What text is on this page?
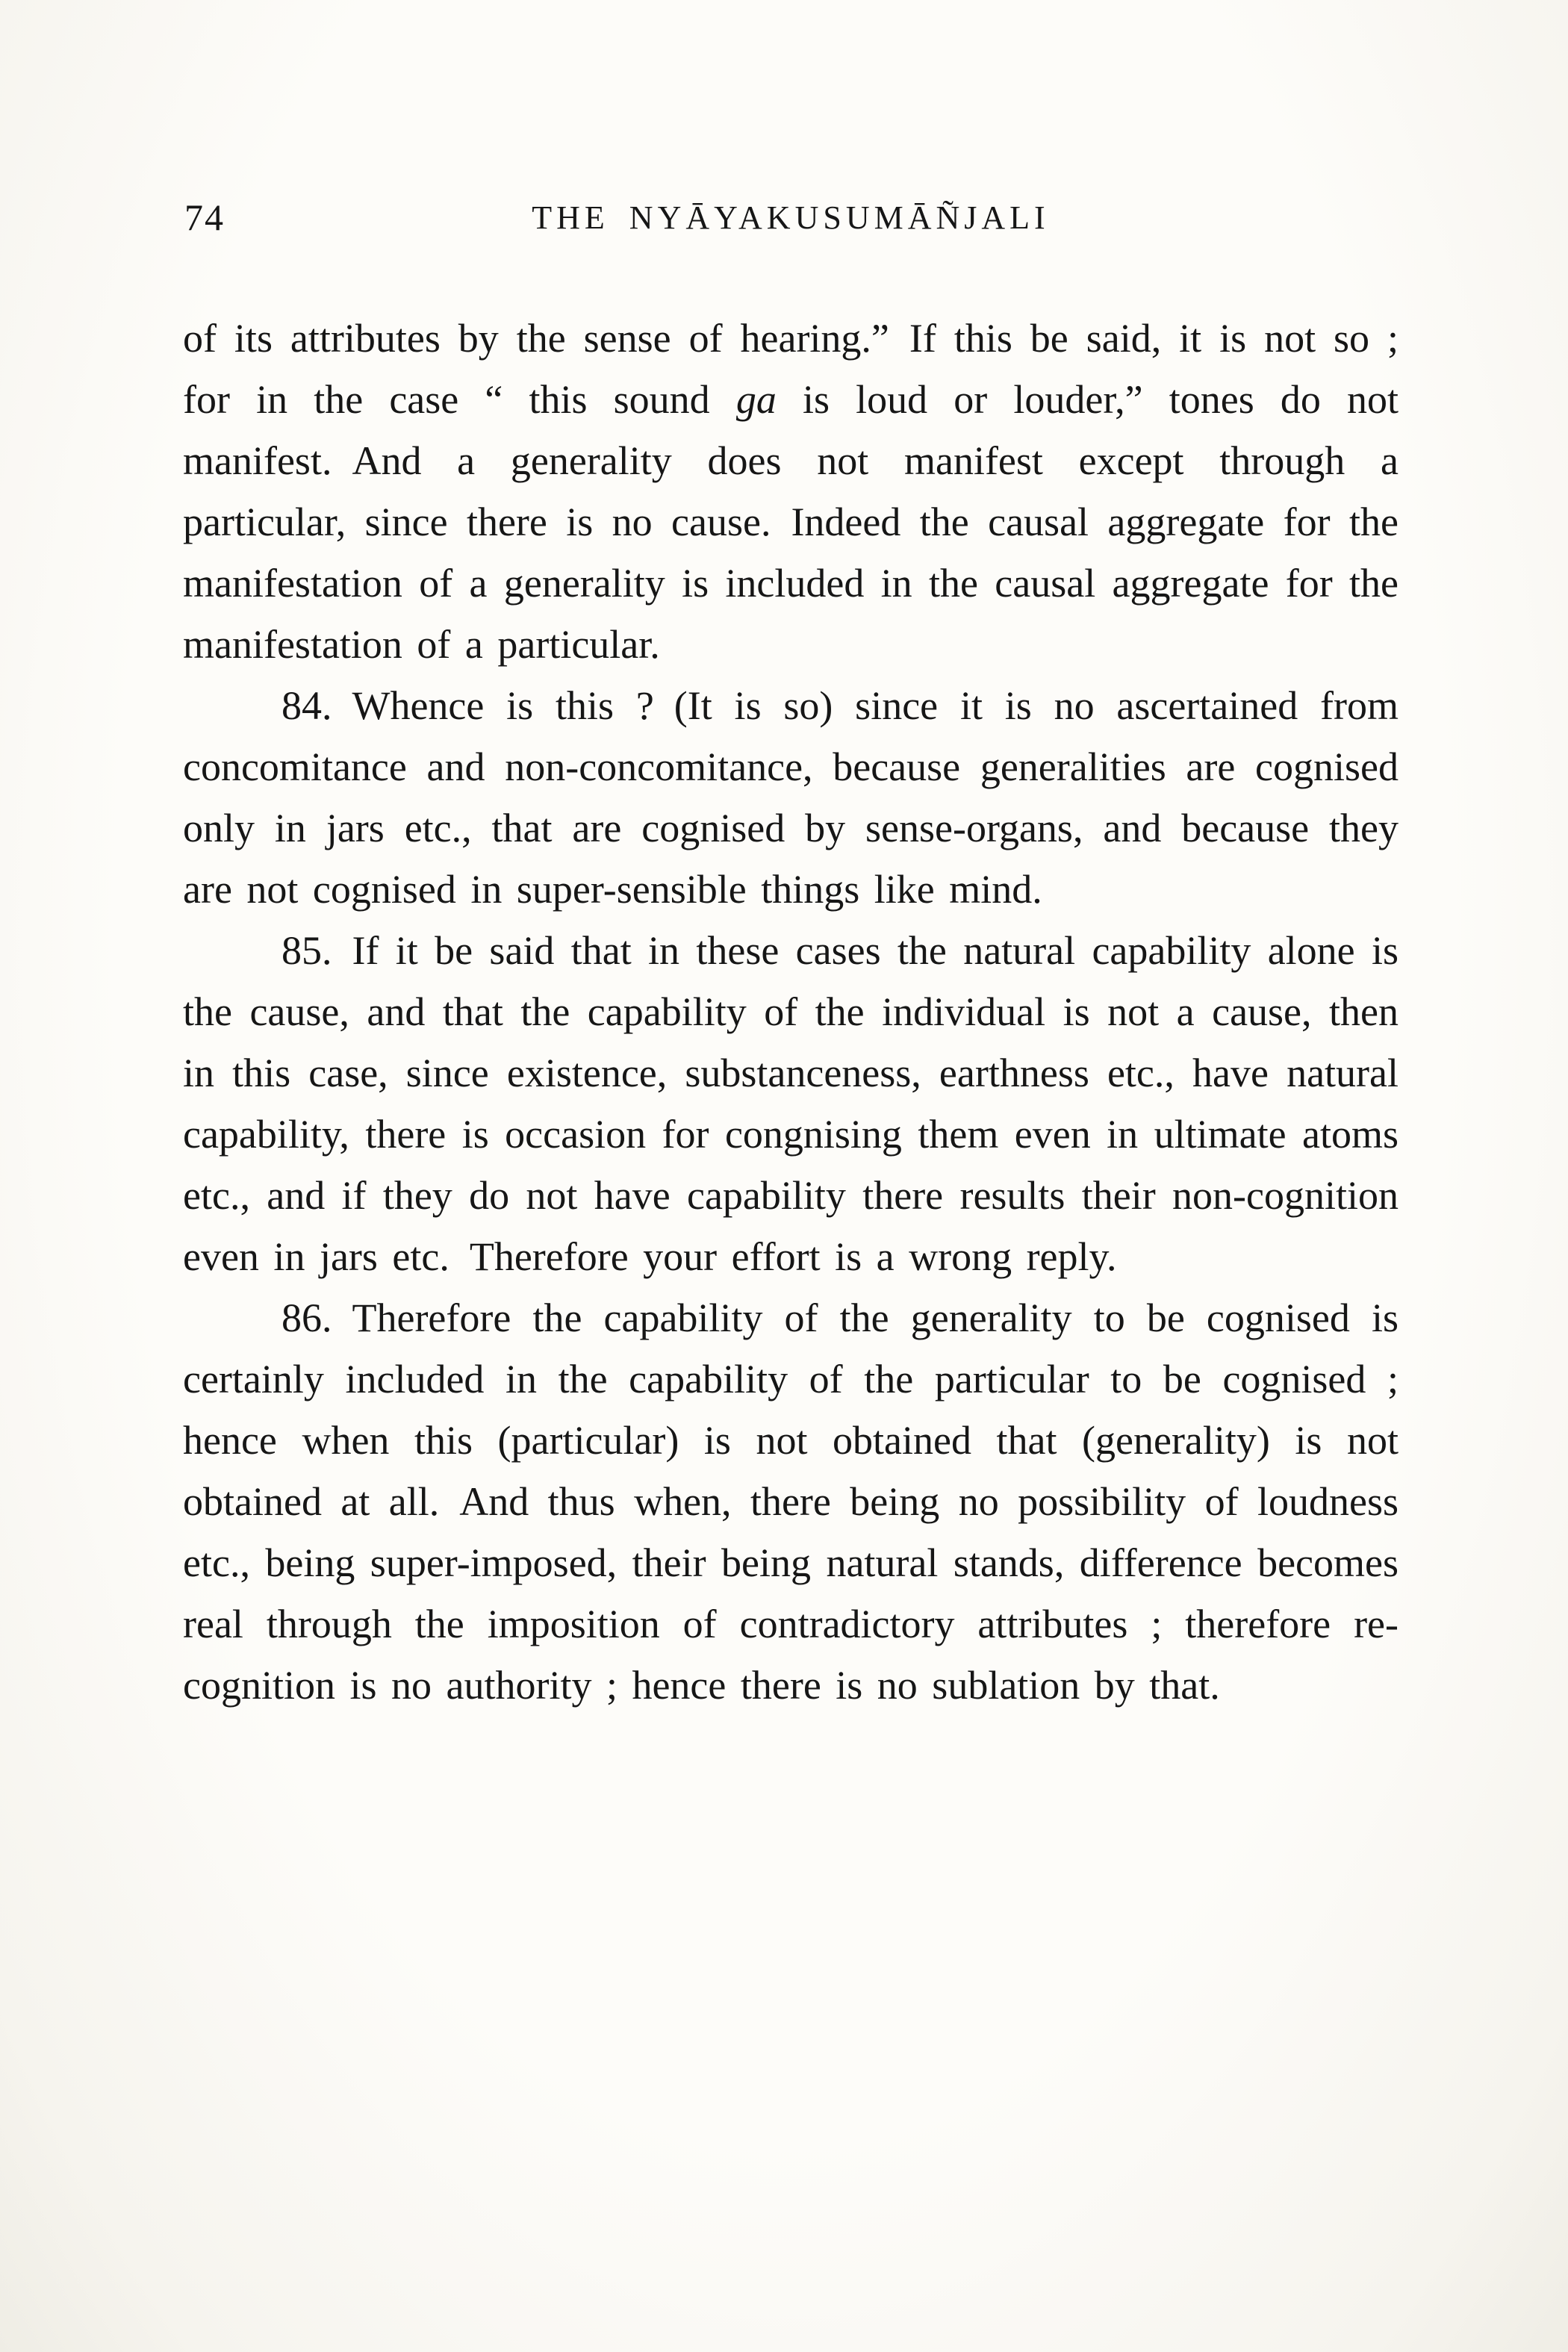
74	THE NYĀYAKUSUMĀÑJALI

of its attributes by the sense of hearing.” If this be said, it is not so ; for in the case “ this sound ga is loud or louder,” tones do not manifest. And a generality does not manifest except through a particular, since there is no cause. Indeed the causal aggregate for the manifestation of a generality is included in the causal aggregate for the manifestation of a particular.

84. Whence is this ? (It is so) since it is no ascertained from concomitance and non-concomitance, because generalities are cognised only in jars etc., that are cognised by sense-organs, and because they are not cognised in super-sensible things like mind.

85. If it be said that in these cases the natural capability alone is the cause, and that the capability of the individual is not a cause, then in this case, since existence, substanceness, earthness etc., have natural capability, there is occasion for congnising them even in ultimate atoms etc., and if they do not have capability there results their non-cognition even in jars etc. Therefore your effort is a wrong reply.

86. Therefore the capability of the generality to be cognised is certainly included in the capability of the particular to be cognised ; hence when this (particular) is not obtained that (generality) is not obtained at all. And thus when, there being no possibility of loudness etc., being super-imposed, their being natural stands, difference becomes real through the imposition of contradictory attributes ; therefore re-cognition is no authority ; hence there is no sublation by that.
